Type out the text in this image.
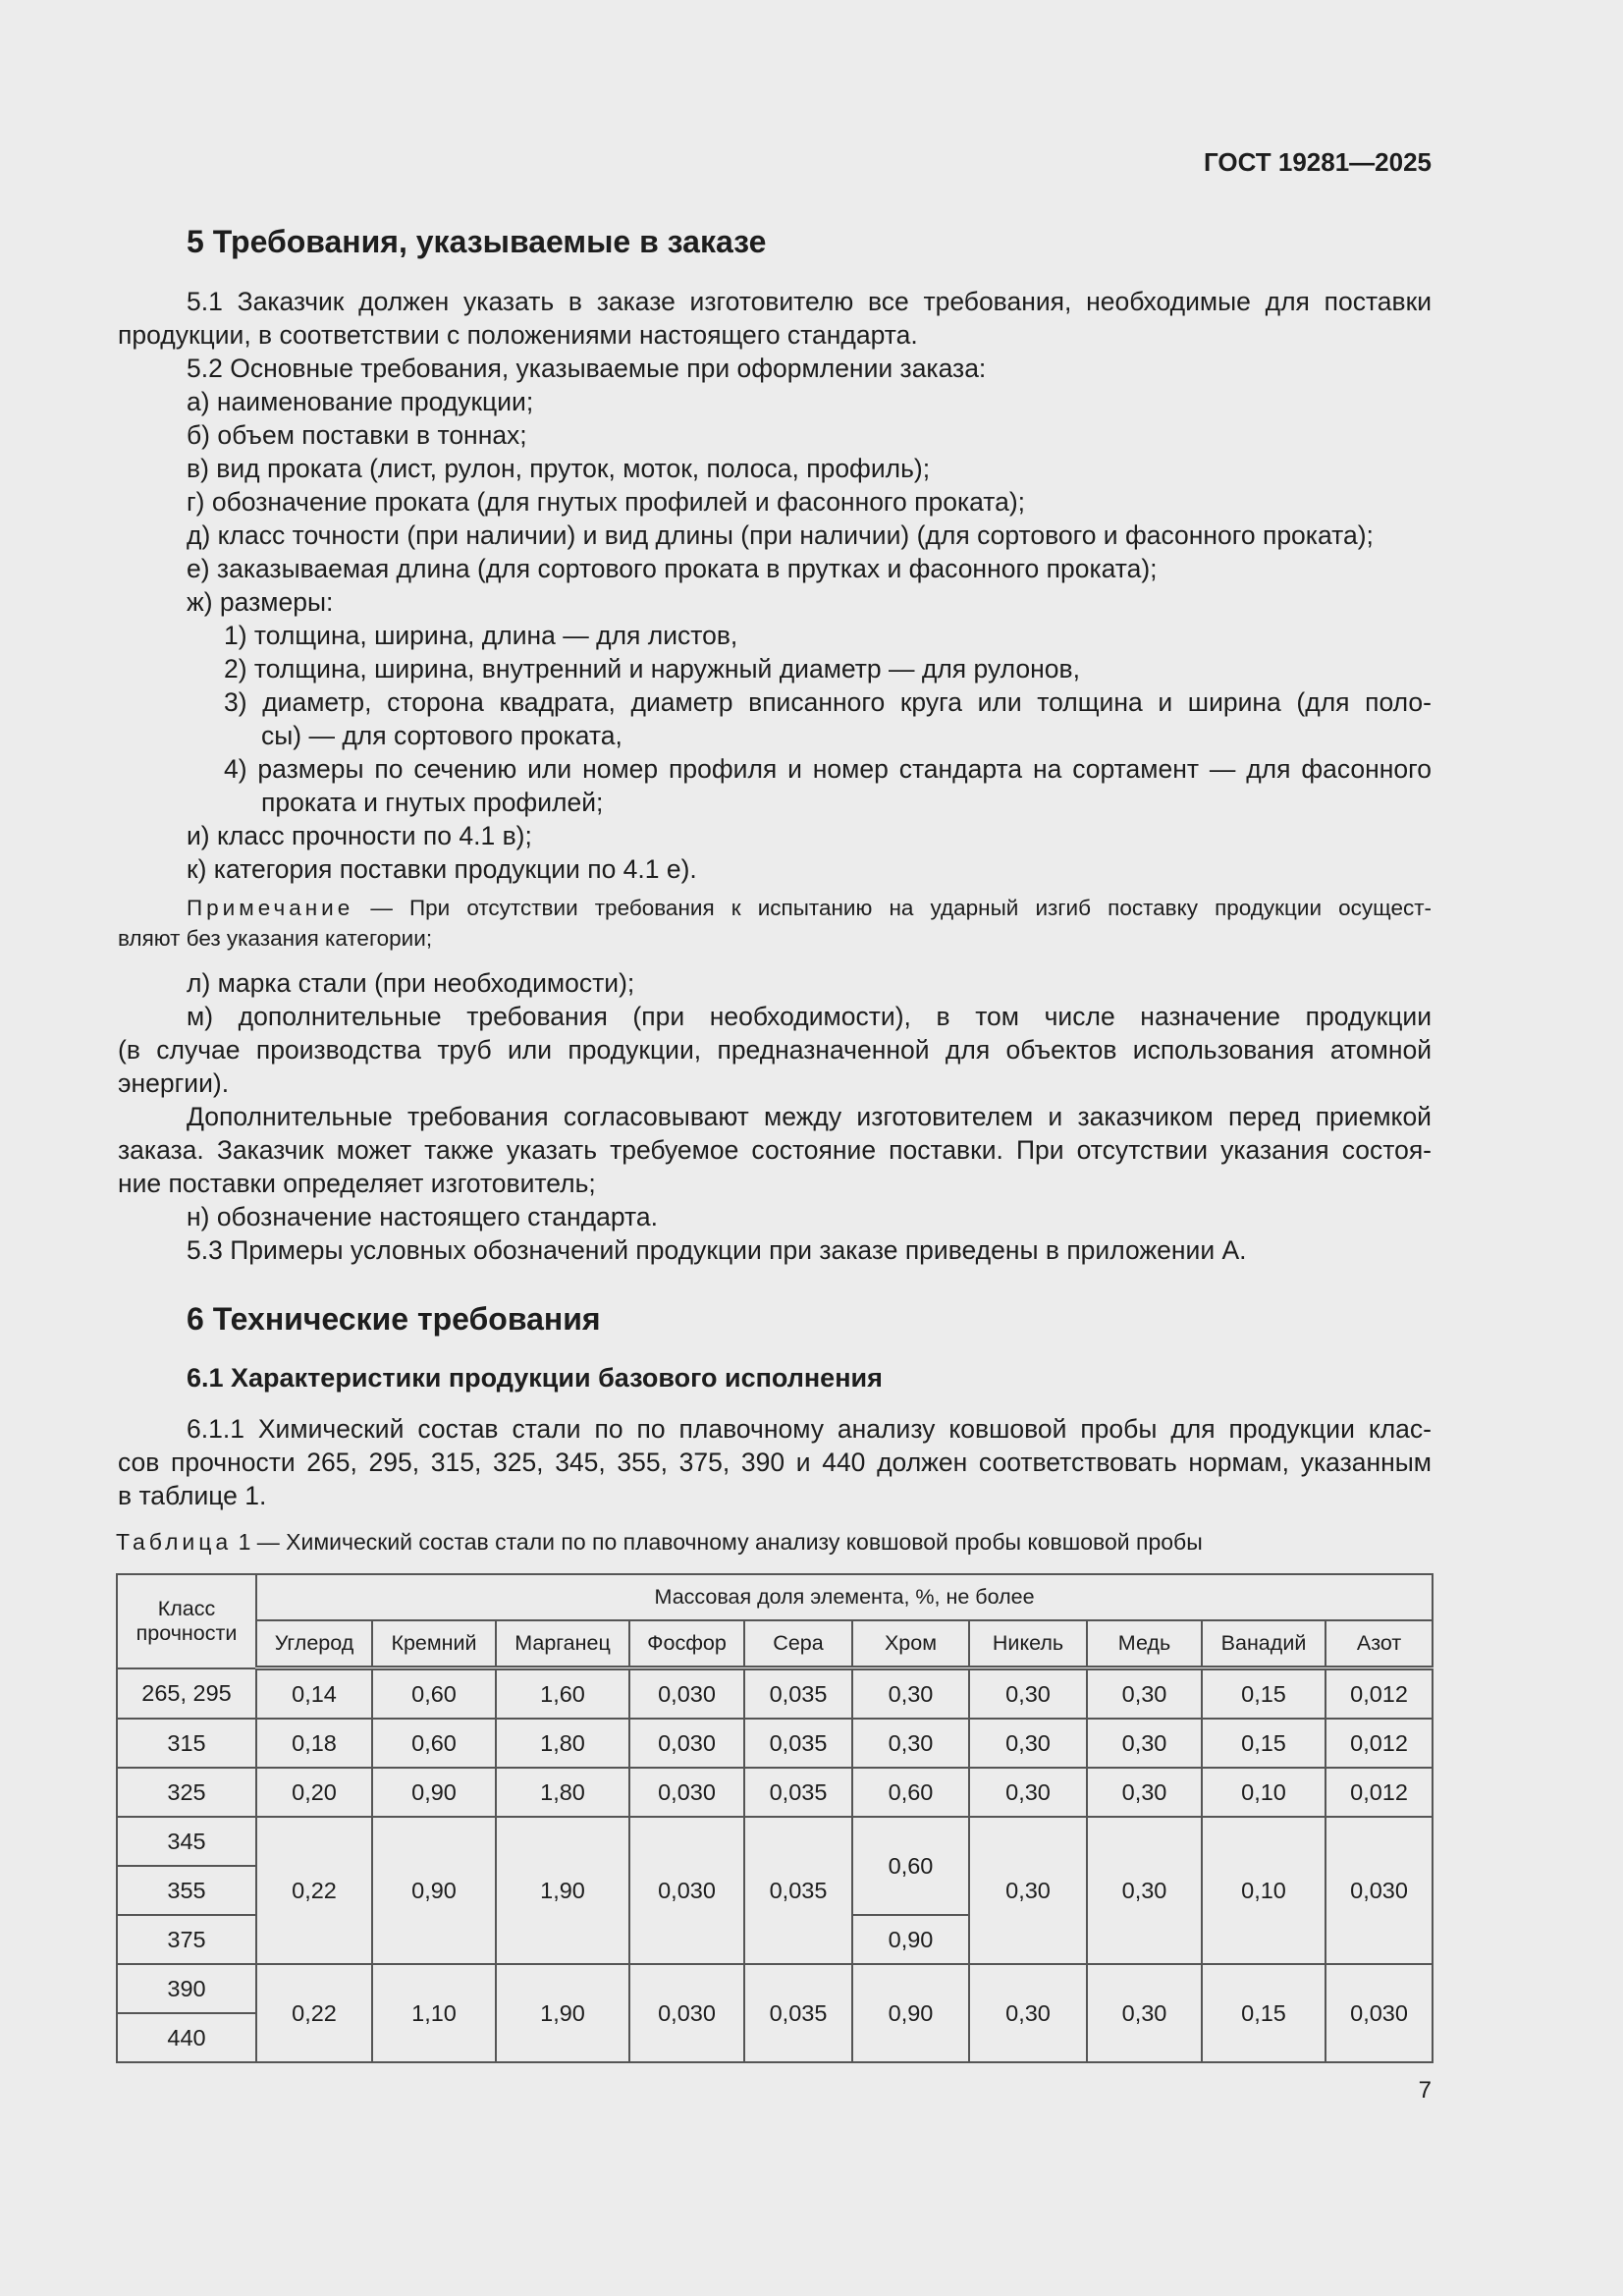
ГОСТ 19281—2025
5 Требования, указываемые в заказе
5.1 Заказчик должен указать в заказе изготовителю все требования, необходимые для поставки
продукции, в соответствии с положениями настоящего стандарта.
5.2 Основные требования, указываемые при оформлении заказа:
а) наименование продукции;
б) объем поставки в тоннах;
в) вид проката (лист, рулон, пруток, моток, полоса, профиль);
г) обозначение проката (для гнутых профилей и фасонного проката);
д) класс точности (при наличии) и вид длины (при наличии) (для сортового и фасонного проката);
е) заказываемая длина (для сортового проката в прутках и фасонного проката);
ж) размеры:
1) толщина, ширина, длина — для листов,
2) толщина, ширина, внутренний и наружный диаметр — для рулонов,
3) диаметр, сторона квадрата, диаметр вписанного круга или толщина и ширина (для поло-
сы) — для сортового проката,
4) размеры по сечению или номер профиля и номер стандарта на сортамент — для фасонного
проката и гнутых профилей;
и) класс прочности по 4.1 в);
к) категория поставки продукции по 4.1 е).
Примечание — При отсутствии требования к испытанию на ударный изгиб поставку продукции осущест-
вляют без указания категории;
л) марка стали (при необходимости);
м) дополнительные требования (при необходимости), в том числе назначение продукции
(в случае производства труб или продукции, предназначенной для объектов использования атомной
энергии).
Дополнительные требования согласовывают между изготовителем и заказчиком перед приемкой
заказа. Заказчик может также указать требуемое состояние поставки. При отсутствии указания состоя-
ние поставки определяет изготовитель;
н) обозначение настоящего стандарта.
5.3 Примеры условных обозначений продукции при заказе приведены в приложении А.
6 Технические требования
6.1 Характеристики продукции базового исполнения
6.1.1 Химический состав стали по по плавочному анализу ковшовой пробы для продукции клас-
сов прочности 265, 295, 315, 325, 345, 355, 375, 390 и 440 должен соответствовать нормам, указанным
в таблице 1.
Таблица 1 — Химический состав стали по по плавочному анализу ковшовой пробы ковшовой пробы
Класс прочности	Массовая доля элемента, %, не более									
	Углерод	Кремний	Марганец	Фосфор	Сера	Хром	Никель	Медь	Ванадий	Азот
265, 295	0,14	0,60	1,60	0,030	0,035	0,30	0,30	0,30	0,15	0,012
315	0,18	0,60	1,80	0,030	0,035	0,30	0,30	0,30	0,15	0,012
325	0,20	0,90	1,80	0,030	0,035	0,60	0,30	0,30	0,10	0,012
345	0,22	0,90	1,90	0,030	0,035	0,60	0,30	0,30	0,10	0,030
355										
375						0,90				
390	0,22	1,10	1,90	0,030	0,035	0,90	0,30	0,30	0,15	0,030
440										
7
